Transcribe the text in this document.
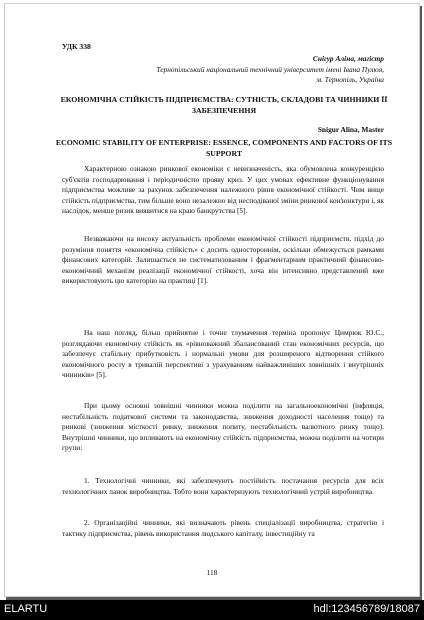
УДК 338
Снігур Аліна, магістр
Тернопільський національний технічний університет імені Івана Пулюя,
м. Тернопіль, Україна
ЕКОНОМІЧНА СТІЙКІСТЬ ПІДПРИЄМСТВА: СУТНІСТЬ, СКЛАДОВІ ТА ЧИННИКИ ЇЇ ЗАБЕЗПЕЧЕННЯ
Snigur Alina, Master
ECONOMIC STABILITY OF ENTERPRISE: ESSENCE, COMPONENTS AND FACTORS OF ITS SUPPORT

Характерною ознакою ринкової економіки є невизначеність, яка обумовлена конкуренцією суб'єктів господарювання і періодичністю прояву криз. У цих умовах ефективне функціонування підприємства можливе за рахунок забезпечення належного рівня економічної стійкості. Чим вище стійкість підприємства, тим більше воно незалежно від несподіваної зміни ринкової кон'юнктури і, як наслідок, менше ризик виявитися на краю банкрутства [5].

Незважаючи на високу актуальність проблеми економічної стійкості підприємств, підхід до розуміння поняття «економічна стійкість» є досить одностороннім, оскільки обмежується рамками фінансових категорій. Залишається не систематизованим і фрагментарним практичний фінансово-економічний механізм реалізації економічної стійкості, хоча він інтенсивно представлений вже використовують цю категорію на практиці [1].

На наш погляд, більш прийнятне і точне тлумачення терміна пропонує Цимрюк Ю.С., розглядаючи економічну стійкість як «рівноважний збалансований стан економічних ресурсів, що забезпечує стабільну прибутковість і нормальні умови для розширеного відтворення стійкого економічного росту в тривалій перспективі з урахуванням найважливіших зовнішніх і внутрішніх чинників» [5].

При цьому основні зовнішні чинники можна поділити на загальноекономічні (інфляція, нестабільність податкової системи та законодавства, зниження доходності населення тощо) та ринкові (зниження місткості ринку, зниження попиту, нестабільність валютного ринку тощо). Внутрішні чинники, що впливають на економічну стійкість підприємства, можна поділити на чотири групи:

1. Технологічні чинники, які забезпечують постійність постачання ресурсів для всіх технологічних ланок виробництва. Тобто вони характеризують технологічний устрій виробництва.

2. Організаційні чинники, які визначають рівень спеціалізації виробництва, стратегію і тактику підприємства, рівень використання людського капіталу, інвестиційну та

118
ELARTU	hdl:123456789/18087
